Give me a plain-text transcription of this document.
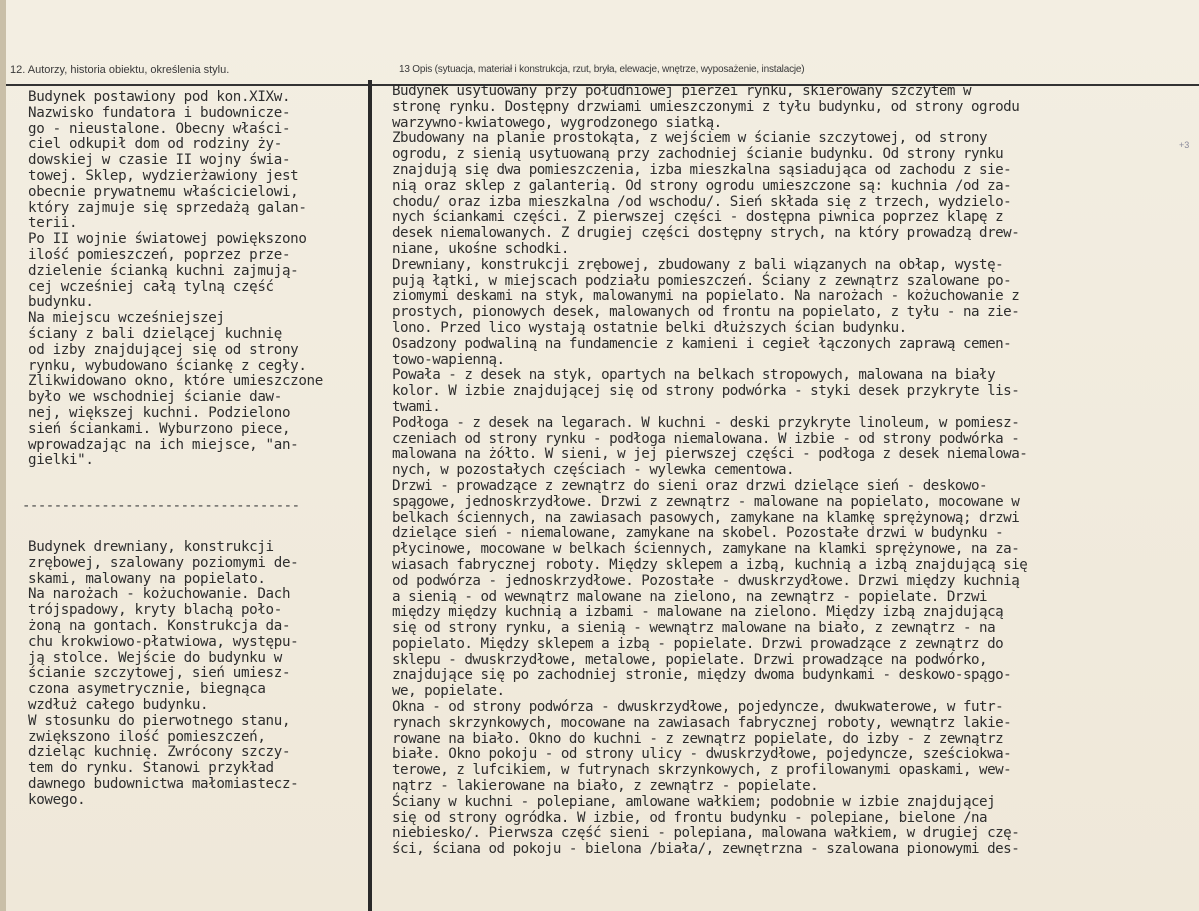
12. Autorzy, historia obiektu, określenia stylu.	13 Opis (sytuacja, materiał i konstrukcja, rzut, bryła, elewacje, wnętrze, wyposażenie, instalacje)
Budynek postawiony pod kon.XIXw.
Nazwisko fundatora i budownicze-
go - nieustalone. Obecny właści-
ciel odkupił dom od rodziny ży-
dowskiej w czasie II wojny świa-
towej. Sklep, wydzierżawiony jest
obecnie prywatnemu właścicielowi,
który zajmuje się sprzedażą galan-
terii.
Po II wojnie światowej powiększono
ilość pomieszczeń, poprzez prze-
dzielenie ścianką kuchni zajmują-
cej wcześniej całą tylną część
budynku.
Na miejscu wcześniejszej
ściany z bali dzielącej kuchnię
od izby znajdującej się od strony
rynku, wybudowano ściankę z cegły.
Zlikwidowano okno, które umieszczone
było we wschodniej ścianie daw-
nej, większej kuchni. Podzielono
sień ściankami. Wyburzono piece,
wprowadzając na ich miejsce, "an-
gielki".
-----------------------------------
Budynek drewniany, konstrukcji
zrębowej, szalowany poziomymi de-
skami, malowany na popielato.
Na narożach - kożuchowanie. Dach
trójspadowy, kryty blachą poło-
żoną na gontach. Konstrukcja da-
chu krokwiowo-płatwiowa, występu-
ją stolce. Wejście do budynku w
ścianie szczytowej, sień umiesz-
czona asymetrycznie, biegnąca
wzdłuż całego budynku.
W stosunku do pierwotnego stanu,
zwiększono ilość pomieszczeń,
dzieląc kuchnię. Zwrócony szczy-
tem do rynku. Stanowi przykład
dawnego budownictwa małomiastecz-
kowego.
Budynek usytuowany przy południowej pierzei rynku, skierowany szczytem w
stronę rynku. Dostępny drzwiami umieszczonymi z tyłu budynku, od strony ogrodu
warzywno-kwiatowego, wygrodzonego siatką.
Zbudowany na planie prostokąta, z wejściem w ścianie szczytowej, od strony
ogrodu, z sienią usytuowaną przy zachodniej ścianie budynku. Od strony rynku
znajdują się dwa pomieszczenia, izba mieszkalna sąsiadująca od zachodu z sie-
nią oraz sklep z galanterią. Od strony ogrodu umieszczone są: kuchnia /od za-
chodu/ oraz izba mieszkalna /od wschodu/. Sień składa się z trzech, wydzielo-
nych ściankami części. Z pierwszej części - dostępna piwnica poprzez klapę z
desek niemalowanych. Z drugiej części dostępny strych, na który prowadzą drew-
niane, ukośne schodki.
Drewniany, konstrukcji zrębowej, zbudowany z bali wiązanych na obłap, wystę-
pują łątki, w miejscach podziału pomieszczeń. Ściany z zewnątrz szalowane po-
ziomymi deskami na styk, malowanymi na popielato. Na narożach - kożuchowanie z
prostych, pionowych desek, malowanych od frontu na popielato, z tyłu - na zie-
lono. Przed lico wystają ostatnie belki dłuższych ścian budynku.
Osadzony podwaliną na fundamencie z kamieni i cegieł łączonych zaprawą cemen-
towo-wapienną.
Powała - z desek na styk, opartych na belkach stropowych, malowana na biały
kolor. W izbie znajdującej się od strony podwórka - styki desek przykryte lis-
twami.
Podłoga - z desek na legarach. W kuchni - deski przykryte linoleum, w pomiesz-
czeniach od strony rynku - podłoga niemalowana. W izbie - od strony podwórka -
malowana na żółto. W sieni, w jej pierwszej części - podłoga z desek niemalowa-
nych, w pozostałych częściach - wylewka cementowa.
Drzwi - prowadzące z zewnątrz do sieni oraz drzwi dzielące sień - deskowo-
spągowe, jednoskrzydłowe. Drzwi z zewnątrz - malowane na popielato, mocowane w
belkach ściennych, na zawiasach pasowych, zamykane na klamkę sprężynową; drzwi
dzielące sień - niemalowane, zamykane na skobel. Pozostałe drzwi w budynku -
płycinowe, mocowane w belkach ściennych, zamykane na klamki sprężynowe, na za-
wiasach fabrycznej roboty. Między sklepem a izbą, kuchnią a izbą znajdującą się
od podwórza - jednoskrzydłowe. Pozostałe - dwuskrzydłowe. Drzwi między kuchnią
a sienią - od wewnątrz malowane na zielono, na zewnątrz - popielate. Drzwi
między między kuchnią a izbami - malowane na zielono. Między izbą znajdującą
się od strony rynku, a sienią - wewnątrz malowane na biało, z zewnątrz - na
popielato. Między sklepem a izbą - popielate. Drzwi prowadzące z zewnątrz do
sklepu - dwuskrzydłowe, metalowe, popielate. Drzwi prowadzące na podwórko,
znajdujące się po zachodniej stronie, między dwoma budynkami - deskowo-spągo-
we, popielate.
Okna - od strony podwórza - dwuskrzydłowe, pojedyncze, dwukwaterowe, w futr-
rynach skrzynkowych, mocowane na zawiasach fabrycznej roboty, wewnątrz lakie-
rowane na biało. Okno do kuchni - z zewnątrz popielate, do izby - z zewnątrz
białe. Okno pokoju - od strony ulicy - dwuskrzydłowe, pojedyncze, sześciokwa-
terowe, z lufcikiem, w futrynach skrzynkowych, z profilowanymi opaskami, wew-
nątrz - lakierowane na biało, z zewnątrz - popielate.
Ściany w kuchni - polepiane, amlowane wałkiem; podobnie w izbie znajdującej
się od strony ogródka. W izbie, od frontu budynku - polepiane, bielone /na
niebiesko/. Pierwsza część sieni - polepiana, malowana wałkiem, w drugiej czę-
ści, ściana od pokoju - bielona /biała/, zewnętrzna - szalowana pionowymi des-
+3
